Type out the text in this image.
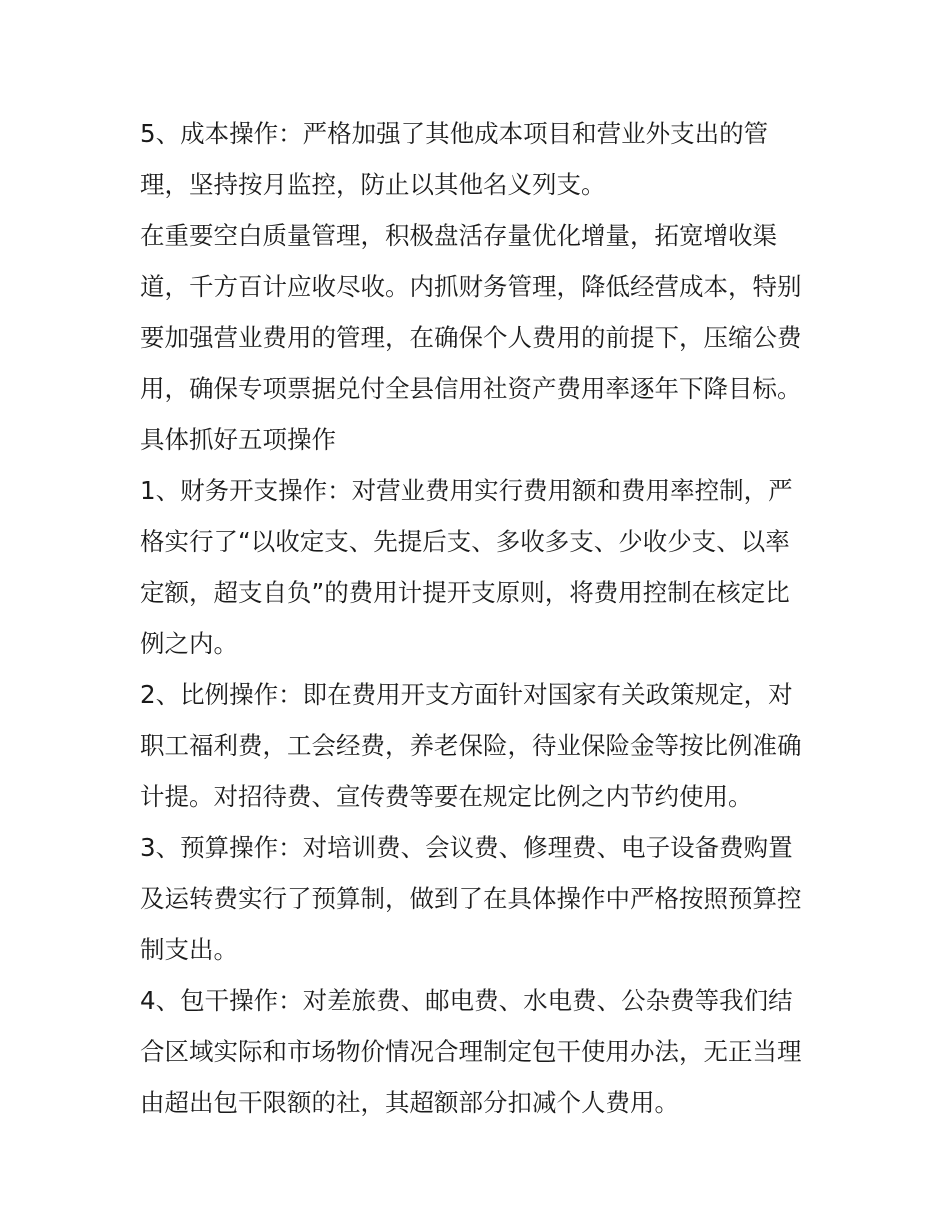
5、成本操作：严格加强了其他成本项目和营业外支出的管
理，坚持按月监控，防止以其他名义列支。

在重要空白质量管理，积极盘活存量优化增量，拓宽增收渠
道，千方百计应收尽收。内抓财务管理，降低经营成本，特别
要加强营业费用的管理，在确保个人费用的前提下，压缩公费
用，确保专项票据兑付全县信用社资产费用率逐年下降目标。

具体抓好五项操作

1、财务开支操作：对营业费用实行费用额和费用率控制，严
格实行了“以收定支、先提后支、多收多支、少收少支、以率
定额，超支自负”的费用计提开支原则，将费用控制在核定比
例之内。

2、比例操作：即在费用开支方面针对国家有关政策规定，对
职工福利费，工会经费，养老保险，待业保险金等按比例准确
计提。对招待费、宣传费等要在规定比例之内节约使用。

3、预算操作：对培训费、会议费、修理费、电子设备费购置
及运转费实行了预算制，做到了在具体操作中严格按照预算控
制支出。

4、包干操作：对差旅费、邮电费、水电费、公杂费等我们结
合区域实际和市场物价情况合理制定包干使用办法，无正当理
由超出包干限额的社，其超额部分扣减个人费用。
